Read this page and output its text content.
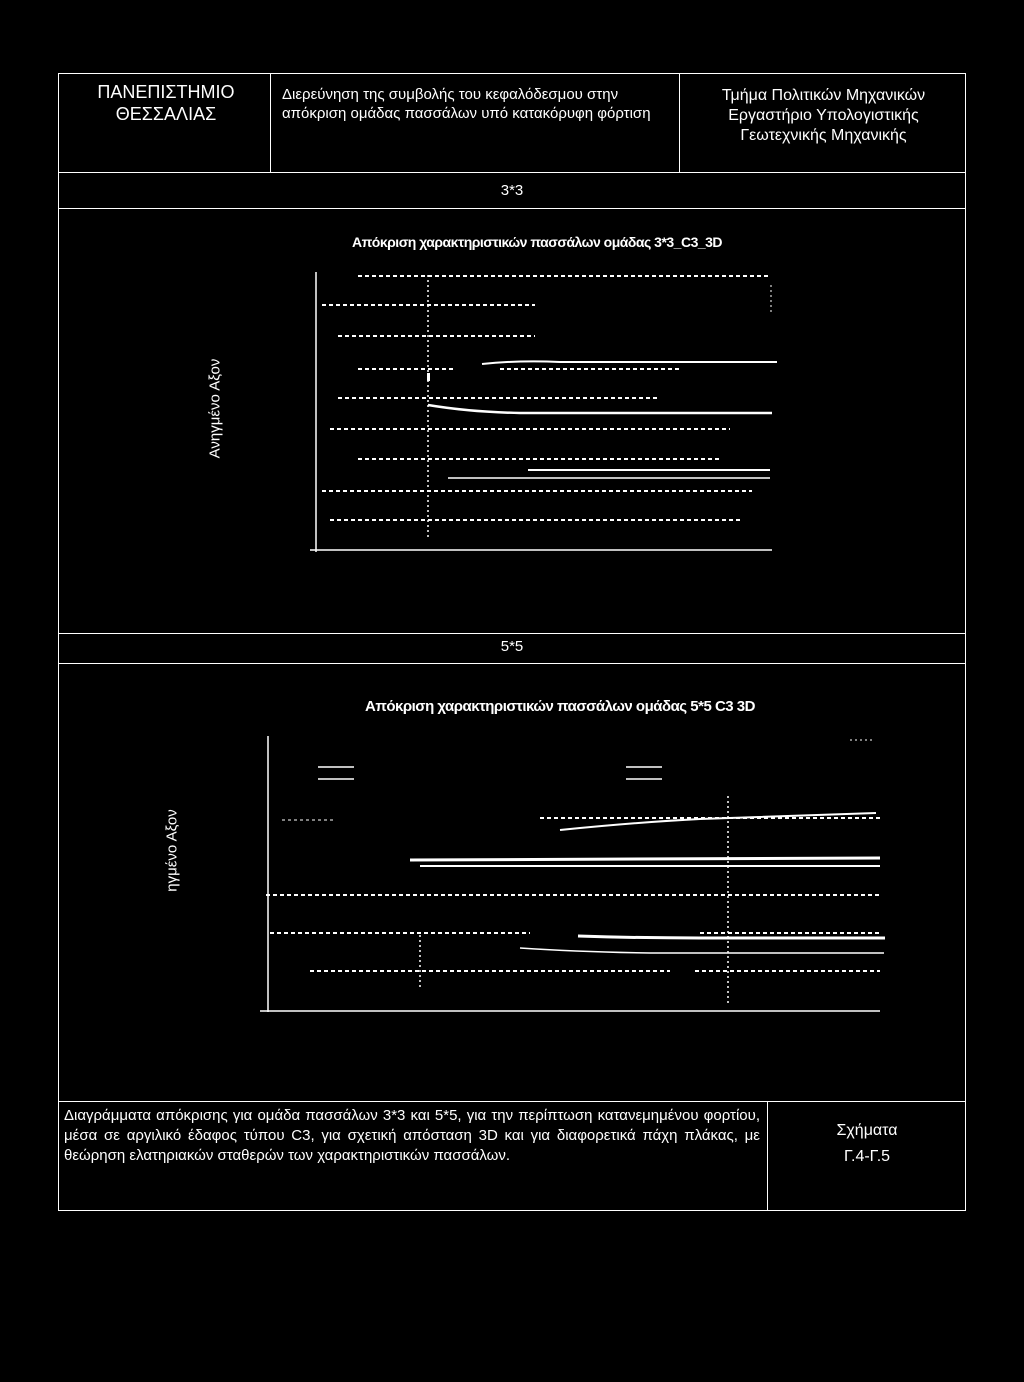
ΠΑΝΕΠΙΣΤΗΜΙΟ
ΘΕΣΣΑΛΙΑΣ
Διερεύνηση της συμβολής του κεφαλόδεσμου στην απόκριση ομάδας πασσάλων υπό κατακόρυφη φόρτιση
Τμήμα Πολιτικών Μηχανικών
Εργαστήριο Υπολογιστικής
Γεωτεχνικής Μηχανικής
3*3
Απόκριση χαρακτηριστικών πασσάλων ομάδας 3*3_C3_3D
Ανηγμένο Αξον
5*5
Απόκριση χαρακτηριστικών πασσάλων ομάδας 5*5 C3 3D
ηγμένο Αξον
Διαγράμματα απόκρισης για ομάδα πασσάλων 3*3 και 5*5, για την περίπτωση κατανεμημένου φορτίου, μέσα σε αργιλικό έδαφος τύπου C3, για σχετική απόσταση 3D και για διαφορετικά πάχη πλάκας, με θεώρηση ελατηριακών σταθερών των χαρακτηριστικών πασσάλων.
Σχήματα
Γ.4-Γ.5
